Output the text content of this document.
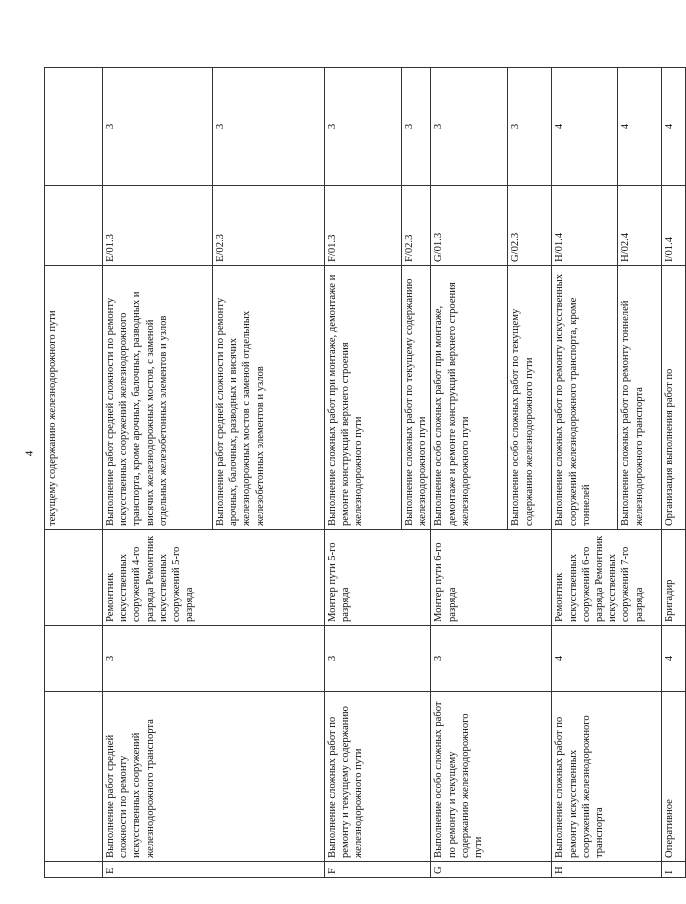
4
				текущему содержанию железнодорожного пути		
E	Выполнение работ средней сложности по ремонту искусственных сооружений железнодорожного транспорта	3	Ремонтник искусственных сооружений 4-го разряда Ремонтник искусственных сооружений 5-го разряда	Выполнение работ средней сложности по ремонту искусственных сооружений железнодорожного транспорта, кроме арочных, балочных, разводных и висячих железнодорожных мостов, с заменой отдельных железобетонных элементов и узлов	E/01.3	3
				Выполнение работ средней сложности по ремонту арочных, балочных, разводных и висячих железнодорожных мостов с заменой отдельных железобетонных элементов и узлов	E/02.3	3
F	Выполнение сложных работ по ремонту и текущему содержанию железнодорожного пути	3	Монтер пути 5-го разряда	Выполнение сложных работ при монтаже, демонтаже и ремонте конструкций верхнего строения железнодорожного пути	F/01.3	3
				Выполнение сложных работ по текущему содержанию железнодорожного пути	F/02.3	3
G	Выполнение особо сложных работ по ремонту и текущему содержанию железнодорожного пути	3	Монтер пути 6-го разряда	Выполнение особо сложных работ при монтаже, демонтаже и ремонте конструкций верхнего строения железнодорожного пути	G/01.3	3
				Выполнение особо сложных работ по текущему содержанию железнодорожного пути	G/02.3	3
H	Выполнение сложных работ по ремонту искусственных сооружений железнодорожного транспорта	4	Ремонтник искусственных сооружений 6-го разряда Ремонтник искусственных сооружений 7-го разряда	Выполнение сложных работ по ремонту искусственных сооружений железнодорожного транспорта, кроме тоннелей	H/01.4	4
				Выполнение сложных работ по ремонту тоннелей железнодорожного транспорта	H/02.4	4
I	Оперативное	4	Бригадир	Организация выполнения работ по	I/01.4	4
